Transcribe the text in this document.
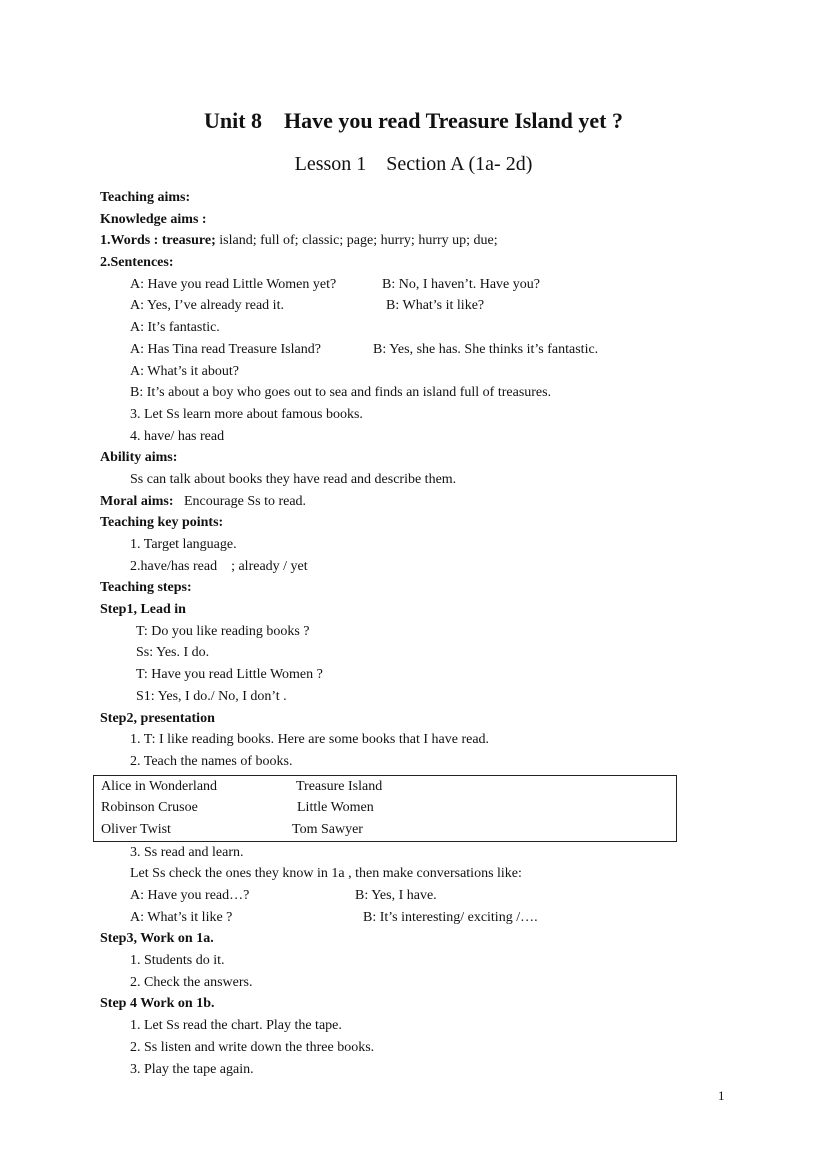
Unit 8    Have you read Treasure Island yet ?
Lesson 1    Section A (1a- 2d)
Teaching aims:
Knowledge aims :
1.Words : treasure; island; full of; classic; page; hurry; hurry up; due;
2.Sentences:
A: Have you read Little Women yet?	B: No, I haven’t. Have you?
A: Yes, I’ve already read it.	B: What’s it like?
A: It’s fantastic.
A: Has Tina read Treasure Island?	B: Yes, she has. She thinks it’s fantastic.
A: What’s it about?
B: It’s about a boy who goes out to sea and finds an island full of treasures.
3. Let Ss learn more about famous books.
4. have/ has read
Ability aims:
Ss can talk about books they have read and describe them.
Moral aims:   Encourage Ss to read.
Teaching key points:
1. Target language.
2.have/has read    ; already / yet
Teaching steps:
Step1, Lead in
T: Do you like reading books ?
Ss: Yes. I do.
T: Have you read Little Women ?
S1: Yes, I do./ No, I don’t .
Step2, presentation
1. T: I like reading books. Here are some books that I have read.
2. Teach the names of books.
Alice in Wonderland	Treasure Island
Robinson Crusoe	Little Women
Oliver Twist	Tom Sawyer
3. Ss read and learn.
Let Ss check the ones they know in 1a , then make conversations like:
A: Have you read…?	B: Yes, I have.
A: What’s it like ?	B: It’s interesting/ exciting /….
Step3, Work on 1a.
1. Students do it.
2. Check the answers.
Step 4 Work on 1b.
1. Let Ss read the chart. Play the tape.
2. Ss listen and write down the three books.
3. Play the tape again.
1
